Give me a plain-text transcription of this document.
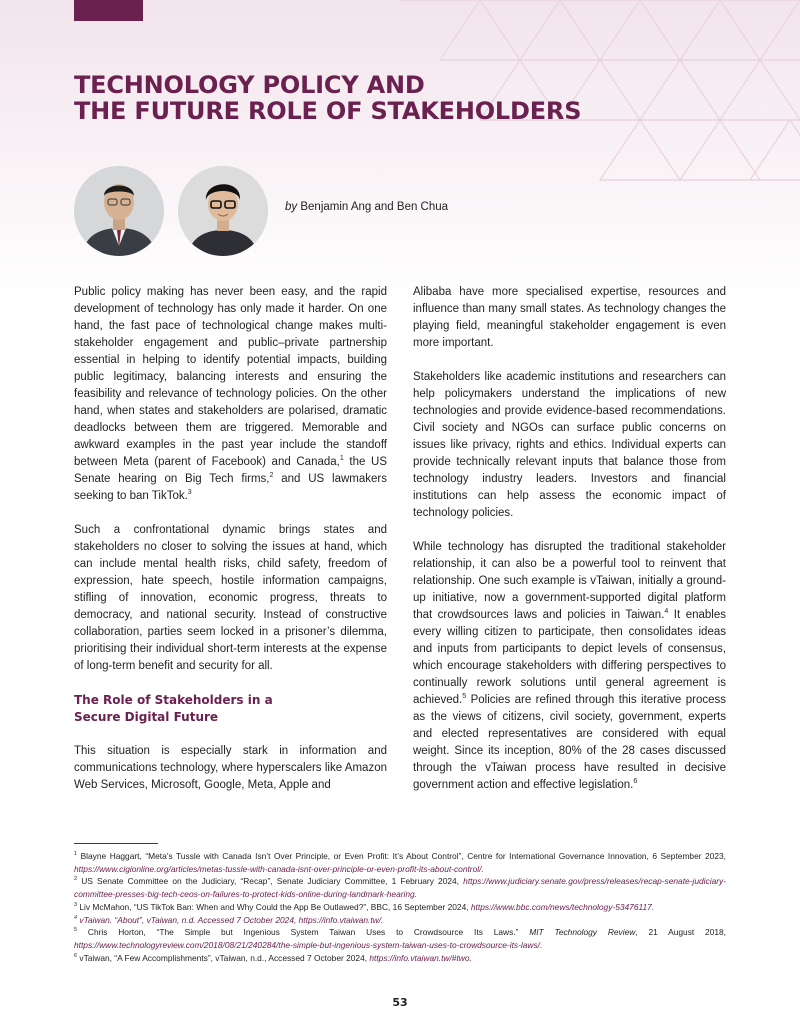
TECHNOLOGY POLICY AND
THE FUTURE ROLE OF STAKEHOLDERS
by Benjamin Ang and Ben Chua

Public policy making has never been easy, and the rapid development of technology has only made it harder. On one hand, the fast pace of technological change makes multi-stakeholder engagement and public–private partnership essential in helping to identify potential impacts, building public legitimacy, balancing interests and ensuring the feasibility and relevance of technology policies. On the other hand, when states and stakeholders are polarised, dramatic deadlocks between them are triggered. Memorable and awkward examples in the past year include the standoff between Meta (parent of Facebook) and Canada,$^1$ the US Senate hearing on Big Tech firms,$^2$ and US lawmakers seeking to ban TikTok.$^3$

Such a confrontational dynamic brings states and stakeholders no closer to solving the issues at hand, which can include mental health risks, child safety, freedom of expression, hate speech, hostile information campaigns, stifling of innovation, economic progress, threats to democracy, and national security. Instead of constructive collaboration, parties seem locked in a prisoner’s dilemma, prioritising their individual short-term interests at the expense of long-term benefit and security for all.

The Role of Stakeholders in a
Secure Digital Future

This situation is especially stark in information and communications technology, where hyperscalers like Amazon Web Services, Microsoft, Google, Meta, Apple and

Alibaba have more specialised expertise, resources and influence than many small states. As technology changes the playing field, meaningful stakeholder engagement is even more important.

Stakeholders like academic institutions and researchers can help policymakers understand the implications of new technologies and provide evidence-based recommendations. Civil society and NGOs can surface public concerns on issues like privacy, rights and ethics. Individual experts can provide technically relevant inputs that balance those from technology industry leaders. Investors and financial institutions can help assess the economic impact of technology policies.

While technology has disrupted the traditional stakeholder relationship, it can also be a powerful tool to reinvent that relationship. One such example is vTaiwan, initially a ground-up initiative, now a government-supported digital platform that crowdsources laws and policies in Taiwan.$^4$ It enables every willing citizen to participate, then consolidates ideas and inputs from participants to depict levels of consensus, which encourage stakeholders with differing perspectives to continually rework solutions until general agreement is achieved.$^5$ Policies are refined through this iterative process as the views of citizens, civil society, government, experts and elected representatives are considered with equal weight. Since its inception, 80% of the 28 cases discussed through the vTaiwan process have resulted in decisive government action and effective legislation.$^6$

$^1$ Blayne Haggart, “Meta’s Tussle with Canada Isn’t Over Principle, or Even Profit: It’s About Control”, Centre for International Governance Innovation, 6 September 2023, https://www.cigionline.org/articles/metas-tussle-with-canada-isnt-over-principle-or-even-profit-its-about-control/.

$^2$ US Senate Committee on the Judiciary, “Recap”, Senate Judiciary Committee, 1 February 2024, https://www.judiciary.senate.gov/press/releases/recap-senate-judiciary-committee-presses-big-tech-ceos-on-failures-to-protect-kids-online-during-landmark-hearing.

$^3$ Liv McMahon, “US TikTok Ban: When and Why Could the App Be Outlawed?”, BBC, 16 September 2024, https://www.bbc.com/news/technology-53476117.

$^4$ vTaiwan. “About”, vTaiwan, n.d. Accessed 7 October 2024, https://info.vtaiwan.tw/.

$^5$ Chris Horton, “The Simple but Ingenious System Taiwan Uses to Crowdsource Its Laws.” MIT Technology Review, 21 August 2018, https://www.technologyreview.com/2018/08/21/240284/the-simple-but-ingenious-system-taiwan-uses-to-crowdsource-its-laws/.

$^6$ vTaiwan, “A Few Accomplishments”, vTaiwan, n.d., Accessed 7 October 2024, https://info.vtaiwan.tw/#two.

53
